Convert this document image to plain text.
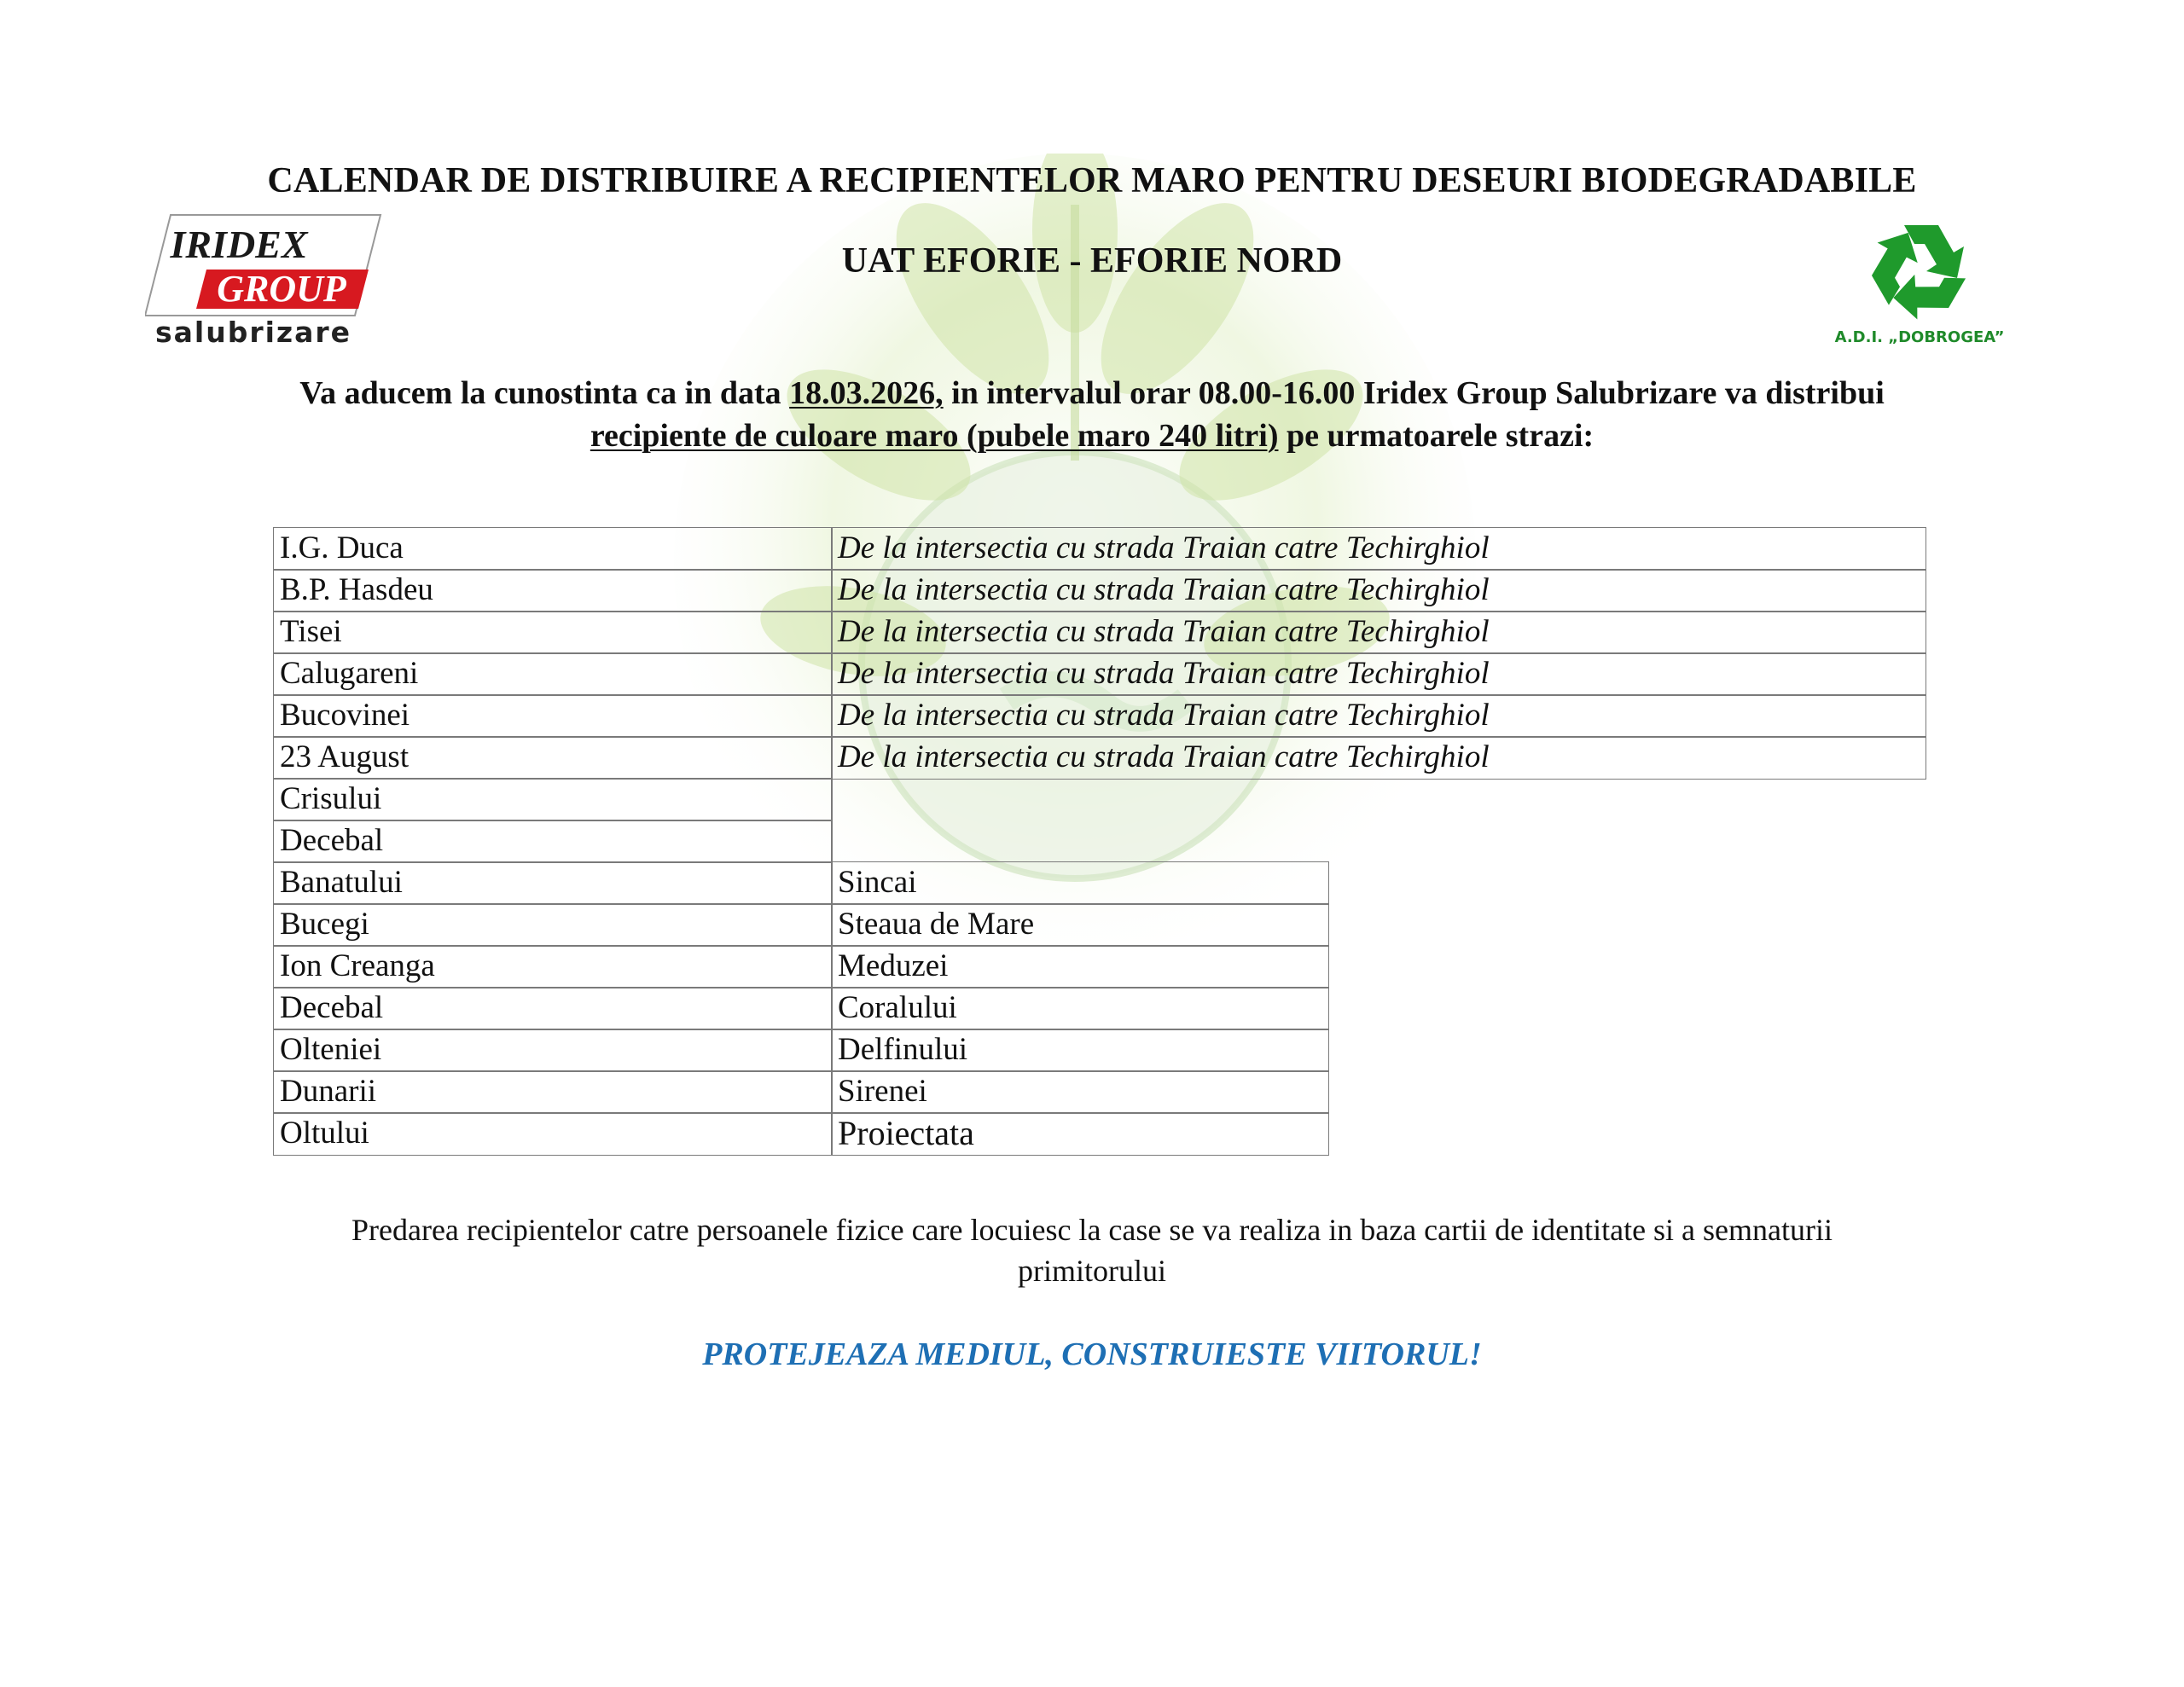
CALENDAR DE DISTRIBUIRE A RECIPIENTELOR MARO PENTRU DESEURI BIODEGRADABILE
UAT EFORIE - EFORIE NORD
IRIDEX
GROUP
salubrizare	A.D.I. „DOBROGEA”
Va aducem la cunostinta ca in data 18.03.2026, in intervalul orar 08.00-16.00 Iridex Group Salubrizare va distribui
recipiente de culoare maro (pubele maro 240 litri) pe urmatoarele strazi:
I.G. Duca	De la intersectia cu strada Traian catre Techirghiol
B.P. Hasdeu	De la intersectia cu strada Traian catre Techirghiol
Tisei	De la intersectia cu strada Traian catre Techirghiol
Calugareni	De la intersectia cu strada Traian catre Techirghiol
Bucovinei	De la intersectia cu strada Traian catre Techirghiol
23 August	De la intersectia cu strada Traian catre Techirghiol
Crisului
Decebal
Banatului	Sincai
Bucegi	Steaua de Mare
Ion Creanga	Meduzei
Decebal	Coralului
Olteniei	Delfinului
Dunarii	Sirenei
Oltului	Proiectata
Predarea recipientelor catre persoanele fizice care locuiesc la case se va realiza in baza cartii de identitate si a semnaturii
primitorului
PROTEJEAZA MEDIUL, CONSTRUIESTE VIITORUL!
